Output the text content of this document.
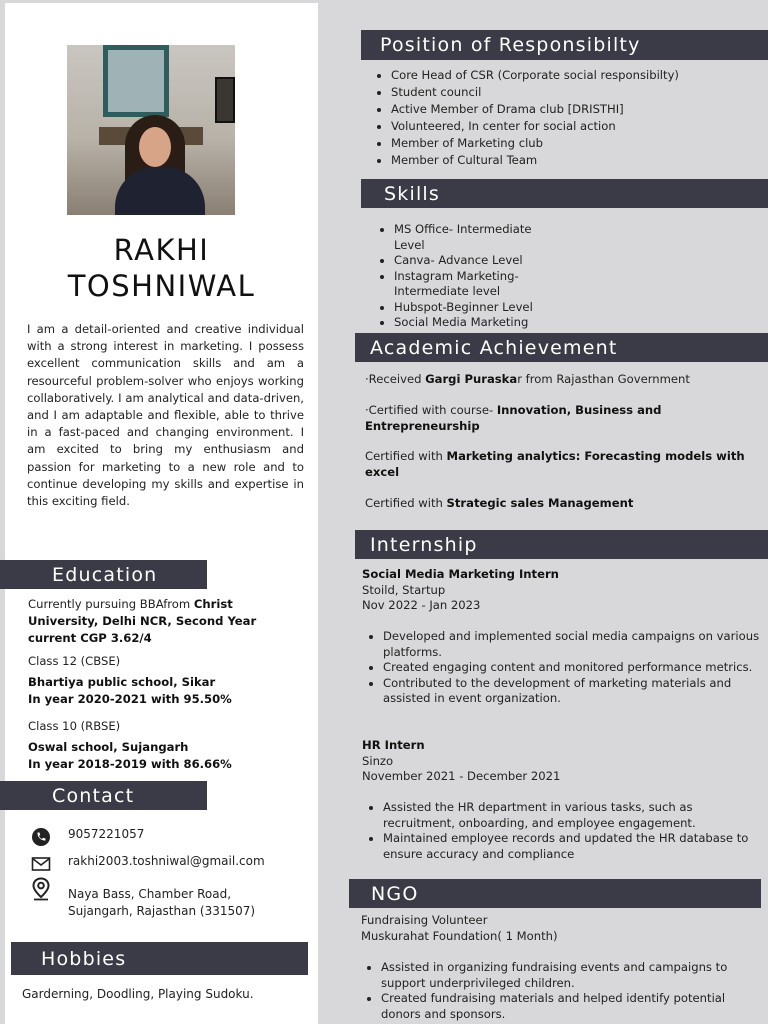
RAKHI
TOSHNIWAL
I am a detail-oriented and creative individual with a strong interest in marketing. I possess excellent communication skills and am a resourceful problem-solver who enjoys working collaboratively. I am analytical and data-driven, and I am adaptable and flexible, able to thrive in a fast-paced and changing environment. I am excited to bring my enthusiasm and passion for marketing to a new role and to continue developing my skills and expertise in this exciting field.
Education
Currently pursuing BBAfrom Christ University, Delhi NCR, Second Year current CGP 3.62/4
Class 12 (CBSE)
Bhartiya public school, Sikar
In year 2020-2021 with 95.50%
Class 10 (RBSE)
Oswal school, Sujangarh
In year 2018-2019 with 86.66%
Contact
9057221057
rakhi2003.toshniwal@gmail.com
Naya Bass, Chamber Road,
Sujangarh, Rajasthan (331507)
Hobbies
Garderning, Doodling, Playing Sudoku.
Position of Responsibilty
• Core Head of CSR (Corporate social responsibilty)
• Student council
• Active Member of Drama club [DRISTHI]
• Volunteered, In center for social action
• Member of Marketing club
• Member of Cultural Team
Skills
• MS Office- Intermediate Level
• Canva- Advance Level
• Instagram Marketing- Intermediate level
• Hubspot-Beginner Level
• Social Media Marketing
Academic Achievement
·Received Gargi Puraskar from Rajasthan Government
·Certified with course- Innovation, Business and Entrepreneurship
Certified with Marketing analytics: Forecasting models with excel
Certified with Strategic sales Management
Internship
Social Media Marketing Intern
Stoild, Startup
Nov 2022 - Jan 2023
• Developed and implemented social media campaigns on various platforms.
• Created engaging content and monitored performance metrics.
• Contributed to the development of marketing materials and assisted in event organization.
HR Intern
Sinzo
November 2021 - December 2021
• Assisted the HR department in various tasks, such as recruitment, onboarding, and employee engagement.
• Maintained employee records and updated the HR database to ensure accuracy and compliance
NGO
Fundraising Volunteer
Muskurahat Foundation( 1 Month)
• Assisted in organizing fundraising events and campaigns to support underprivileged children.
• Created fundraising materials and helped identify potential donors and sponsors.
